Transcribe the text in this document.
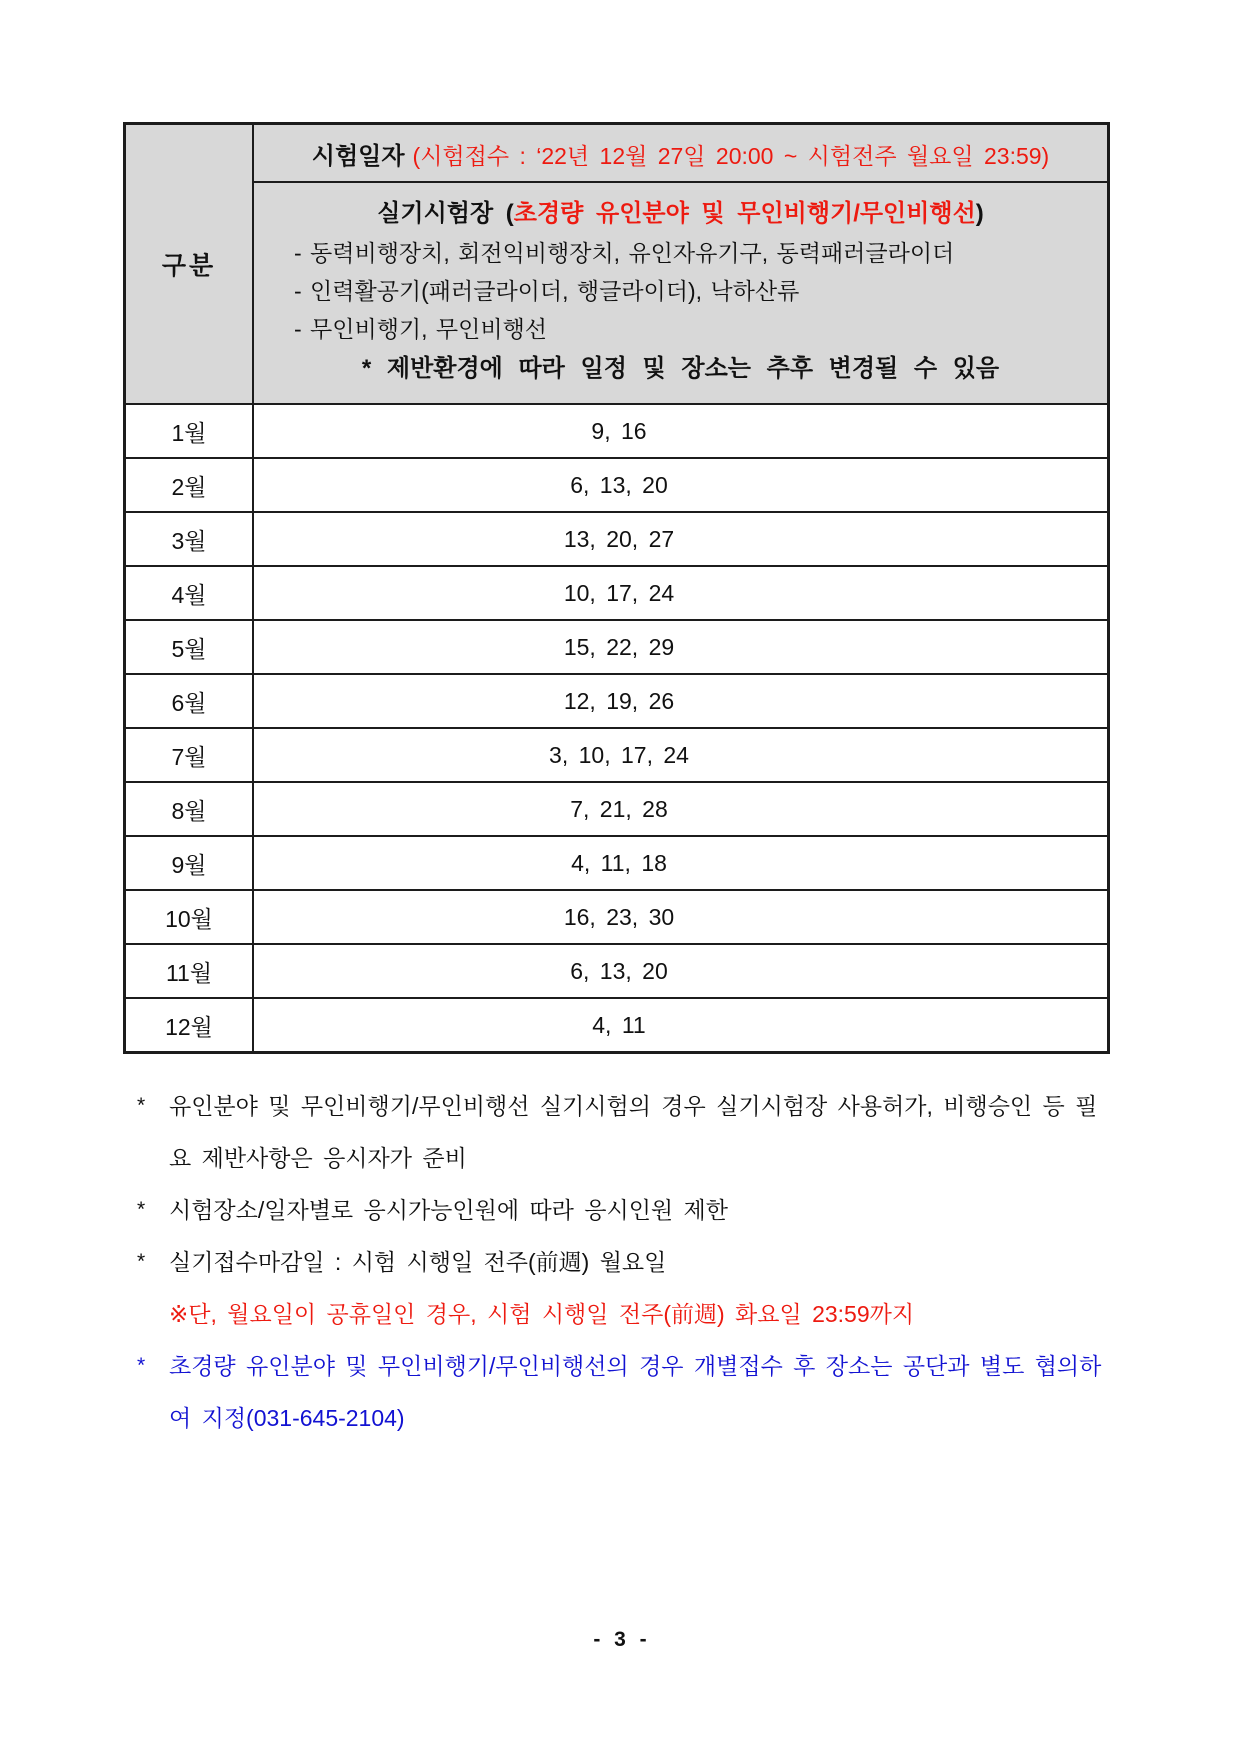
구분	시험일자 (시험접수 : ‘22년 12월 27일 20:00 ~ 시험전주 월요일 23:59)

	실기시험장 (초경량 유인분야 및 무인비행기/무인비행선)
- 동력비행장치, 회전익비행장치, 유인자유기구, 동력패러글라이더
- 인력활공기(패러글라이더, 행글라이더), 낙하산류
- 무인비행기, 무인비행선
* 제반환경에 따라 일정 및 장소는 추후 변경될 수 있음

1월	9, 16
2월	6, 13, 20
3월	13, 20, 27
4월	10, 17, 24
5월	15, 22, 29
6월	12, 19, 26
7월	3, 10, 17, 24
8월	7, 21, 28
9월	4, 11, 18
10월	16, 23, 30
11월	6, 13, 20
12월	4, 11
*	유인분야 및 무인비행기/무인비행선 실기시험의 경우 실기시험장 사용허가, 비행승인 등 필요 제반사항은 응시자가 준비
*	시험장소/일자별로 응시가능인원에 따라 응시인원 제한
*	실기접수마감일 : 시험 시행일 전주(前週) 월요일
※단, 월요일이 공휴일인 경우, 시험 시행일 전주(前週) 화요일 23:59까지
*	초경량 유인분야 및 무인비행기/무인비행선의 경우 개별접수 후 장소는 공단과 별도 협의하여 지정(031-645-2104)
- 3 -
